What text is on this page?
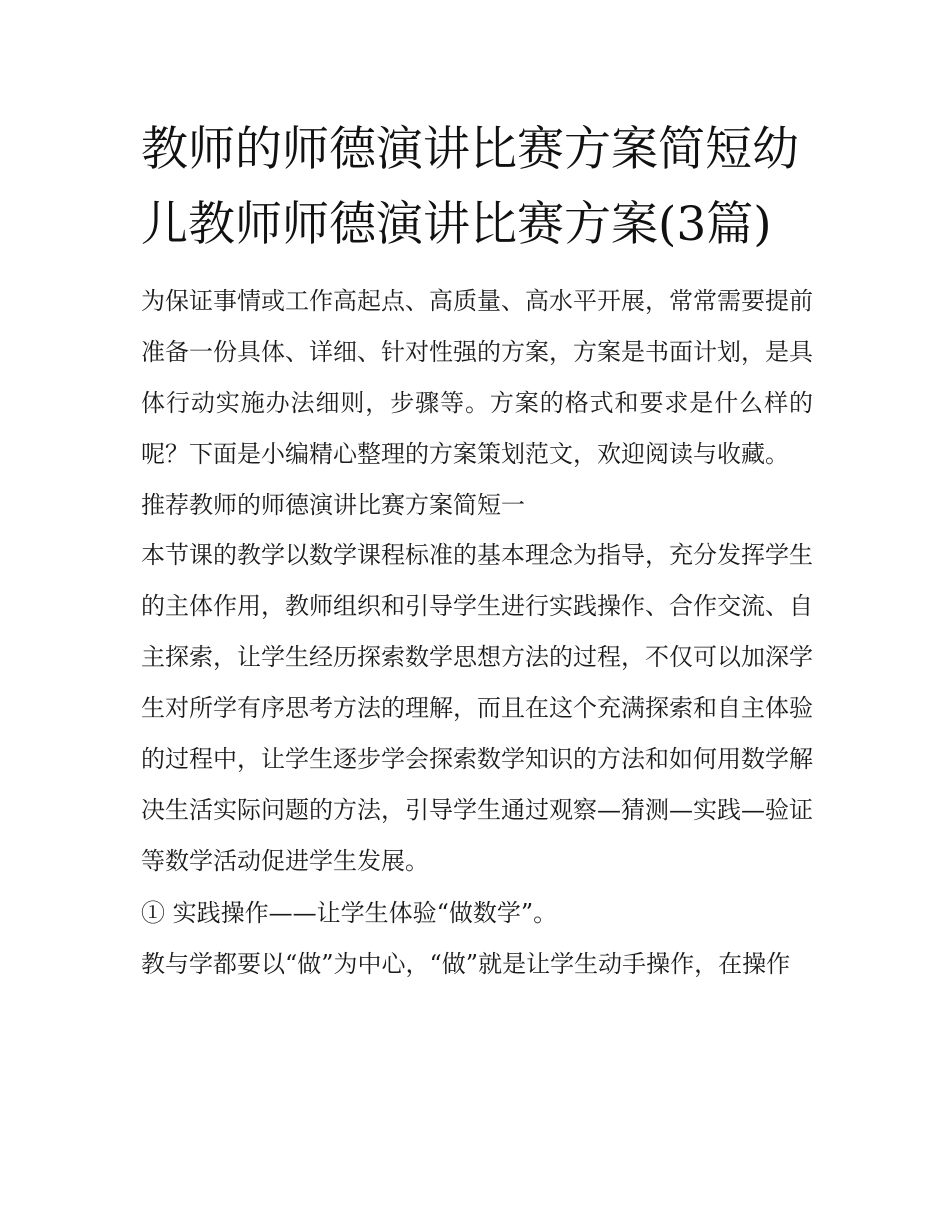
教师的师德演讲比赛方案简短幼儿教师师德演讲比赛方案(3篇)

为保证事情或工作高起点、高质量、高水平开展，常常需要提前准备一份具体、详细、针对性强的方案，方案是书面计划，是具体行动实施办法细则，步骤等。方案的格式和要求是什么样的呢？下面是小编精心整理的方案策划范文，欢迎阅读与收藏。

推荐教师的师德演讲比赛方案简短一

本节课的教学以数学课程标准的基本理念为指导，充分发挥学生的主体作用，教师组织和引导学生进行实践操作、合作交流、自主探索，让学生经历探索数学思想方法的过程，不仅可以加深学生对所学有序思考方法的理解，而且在这个充满探索和自主体验的过程中，让学生逐步学会探索数学知识的方法和如何用数学解决生活实际问题的方法，引导学生通过观察—猜测—实践—验证等数学活动促进学生发展。

① 实践操作——让学生体验“做数学”。

教与学都要以“做”为中心，“做”就是让学生动手操作，在操作
